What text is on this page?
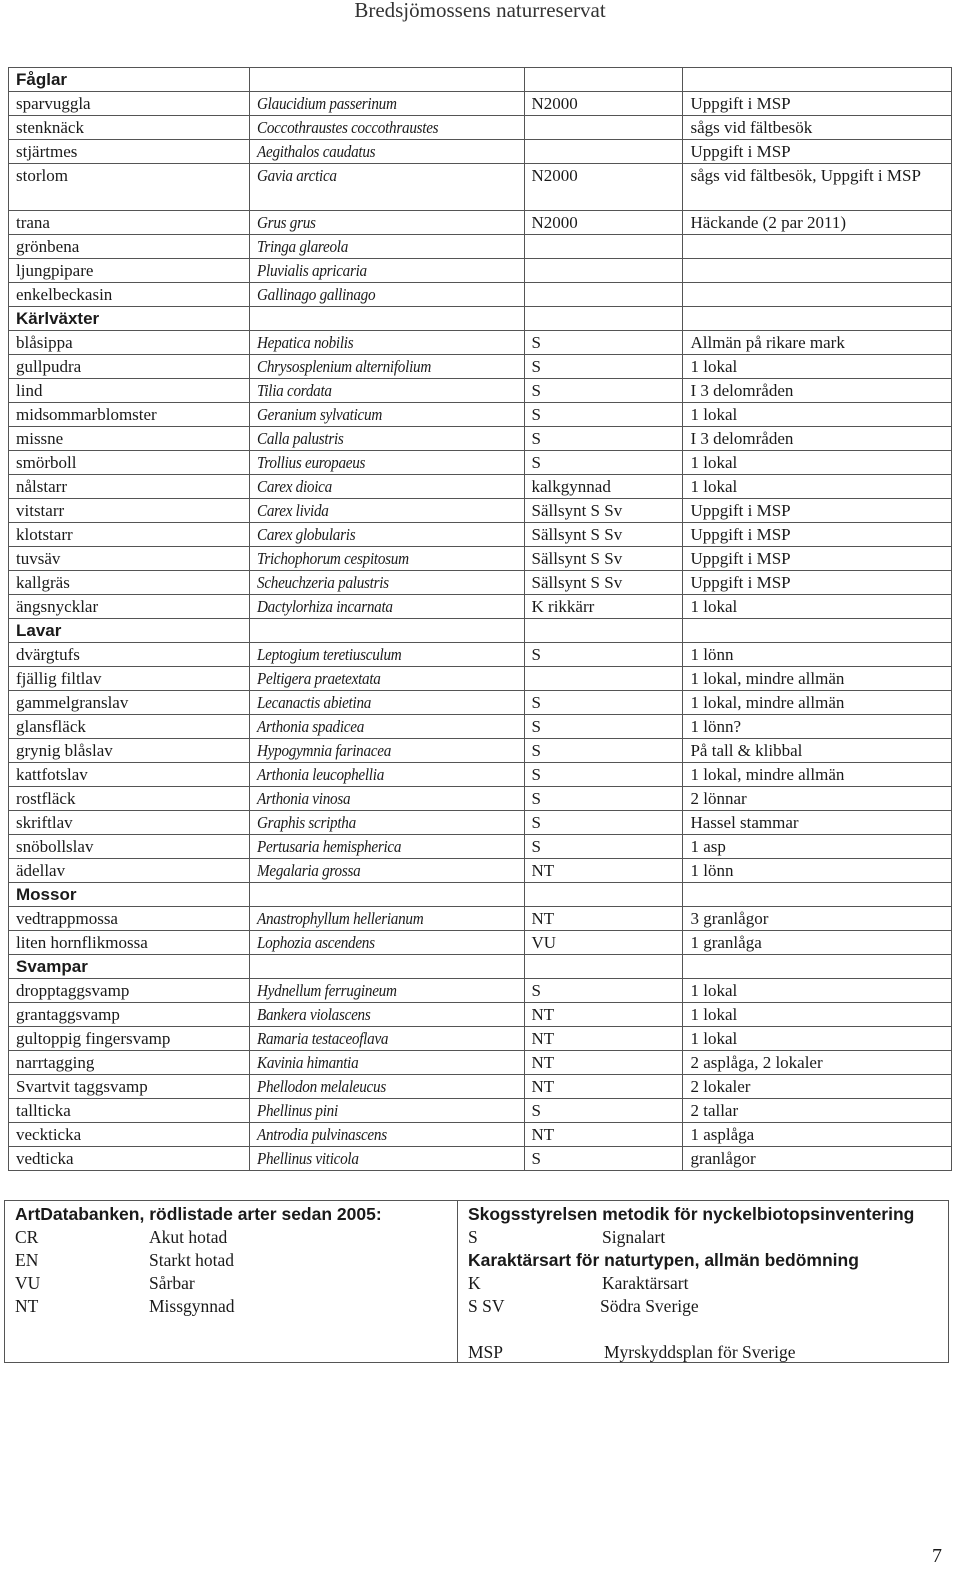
Bredsjömossens naturreservat
Fåglar			
sparvuggla	Glaucidium passerinum	N2000	Uppgift i MSP
stenknäck	Coccothraustes coccothraustes		sågs vid fältbesök
stjärtmes	Aegithalos caudatus		Uppgift i MSP
storlom	Gavia arctica	N2000	sågs vid fältbesök, Uppgift i MSP
trana	Grus grus	N2000	Häckande (2 par 2011)
grönbena	Tringa glareola		
ljungpipare	Pluvialis apricaria		
enkelbeckasin	Gallinago gallinago		
Kärlväxter			
blåsippa	Hepatica nobilis	S	Allmän på rikare mark
gullpudra	Chrysosplenium alternifolium	S	1 lokal
lind	Tilia cordata	S	I 3 delområden
midsommarblomster	Geranium sylvaticum	S	1 lokal
missne	Calla palustris	S	I 3 delområden
smörboll	Trollius europaeus	S	1 lokal
nålstarr	Carex dioica	kalkgynnad	1 lokal
vitstarr	Carex livida	Sällsynt S Sv	Uppgift i MSP
klotstarr	Carex globularis	Sällsynt S Sv	Uppgift i MSP
tuvsäv	Trichophorum cespitosum	Sällsynt S Sv	Uppgift i MSP
kallgräs	Scheuchzeria palustris	Sällsynt S Sv	Uppgift i MSP
ängsnycklar	Dactylorhiza incarnata	K rikkärr	1 lokal
Lavar			
dvärgtufs	Leptogium teretiusculum	S	1 lönn
fjällig filtlav	Peltigera praetextata		1 lokal, mindre allmän
gammelgranslav	Lecanactis abietina	S	1 lokal, mindre allmän
glansfläck	Arthonia spadicea	S	1 lönn?
grynig blåslav	Hypogymnia farinacea	S	På tall & klibbal
kattfotslav	Arthonia leucophellia	S	1 lokal, mindre allmän
rostfläck	Arthonia vinosa	S	2 lönnar
skriftlav	Graphis scriptha	S	Hassel stammar
snöbollslav	Pertusaria hemispherica	S	1 asp
ädellav	Megalaria grossa	NT	1 lönn
Mossor			
vedtrappmossa	Anastrophyllum hellerianum	NT	3 granlågor
liten hornflikmossa	Lophozia ascendens	VU	1 granlåga
Svampar			
dropptaggsvamp	Hydnellum ferrugineum	S	1 lokal
grantaggsvamp	Bankera violascens	NT	1 lokal
gultoppig fingersvamp	Ramaria testaceoflava	NT	1 lokal
narrtagging	Kavinia himantia	NT	2 asplåga, 2 lokaler
Svartvit taggsvamp	Phellodon melaleucus	NT	2 lokaler
tallticka	Phellinus pini	S	2 tallar
veckticka	Antrodia pulvinascens	NT	1 asplåga
vedticka	Phellinus viticola	S	granlågor
ArtDatabanken, rödlistade arter sedan 2005:
CR	Akut hotad
EN	Starkt hotad
VU	Sårbar
NT	Missgynnad
Skogsstyrelsen metodik för nyckelbiotopsinventering
S	Signalart
Karaktärsart för naturtypen, allmän bedömning
K	Karaktärsart
S SV	Södra Sverige
MSP	Myrskyddsplan för Sverige
7
